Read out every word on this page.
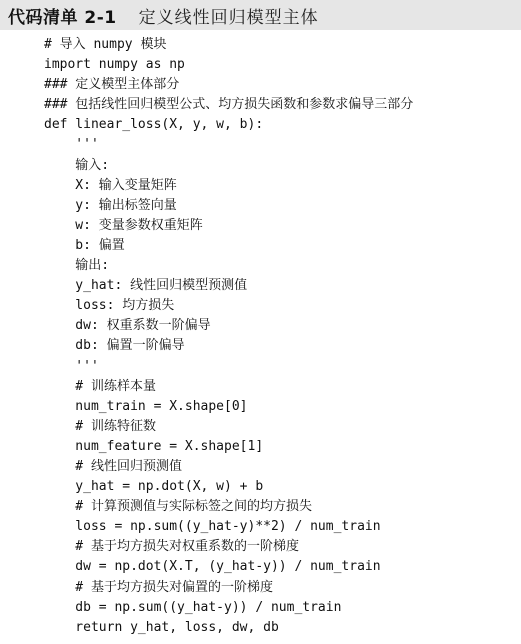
代码清单 2-1	定义线性回归模型主体
# 导入 numpy 模块
import numpy as np
### 定义模型主体部分
### 包括线性回归模型公式、均方损失函数和参数求偏导三部分
def linear_loss(X, y, w, b):
'''
输入:
X: 输入变量矩阵
y: 输出标签向量
w: 变量参数权重矩阵
b: 偏置
输出:
y_hat: 线性回归模型预测值
loss: 均方损失
dw: 权重系数一阶偏导
db: 偏置一阶偏导
'''
# 训练样本量
num_train = X.shape[0]
# 训练特征数
num_feature = X.shape[1]
# 线性回归预测值
y_hat = np.dot(X, w) + b
# 计算预测值与实际标签之间的均方损失
loss = np.sum((y_hat-y)**2) / num_train
# 基于均方损失对权重系数的一阶梯度
dw = np.dot(X.T, (y_hat-y)) / num_train
# 基于均方损失对偏置的一阶梯度
db = np.sum((y_hat-y)) / num_train
return y_hat, loss, dw, db
